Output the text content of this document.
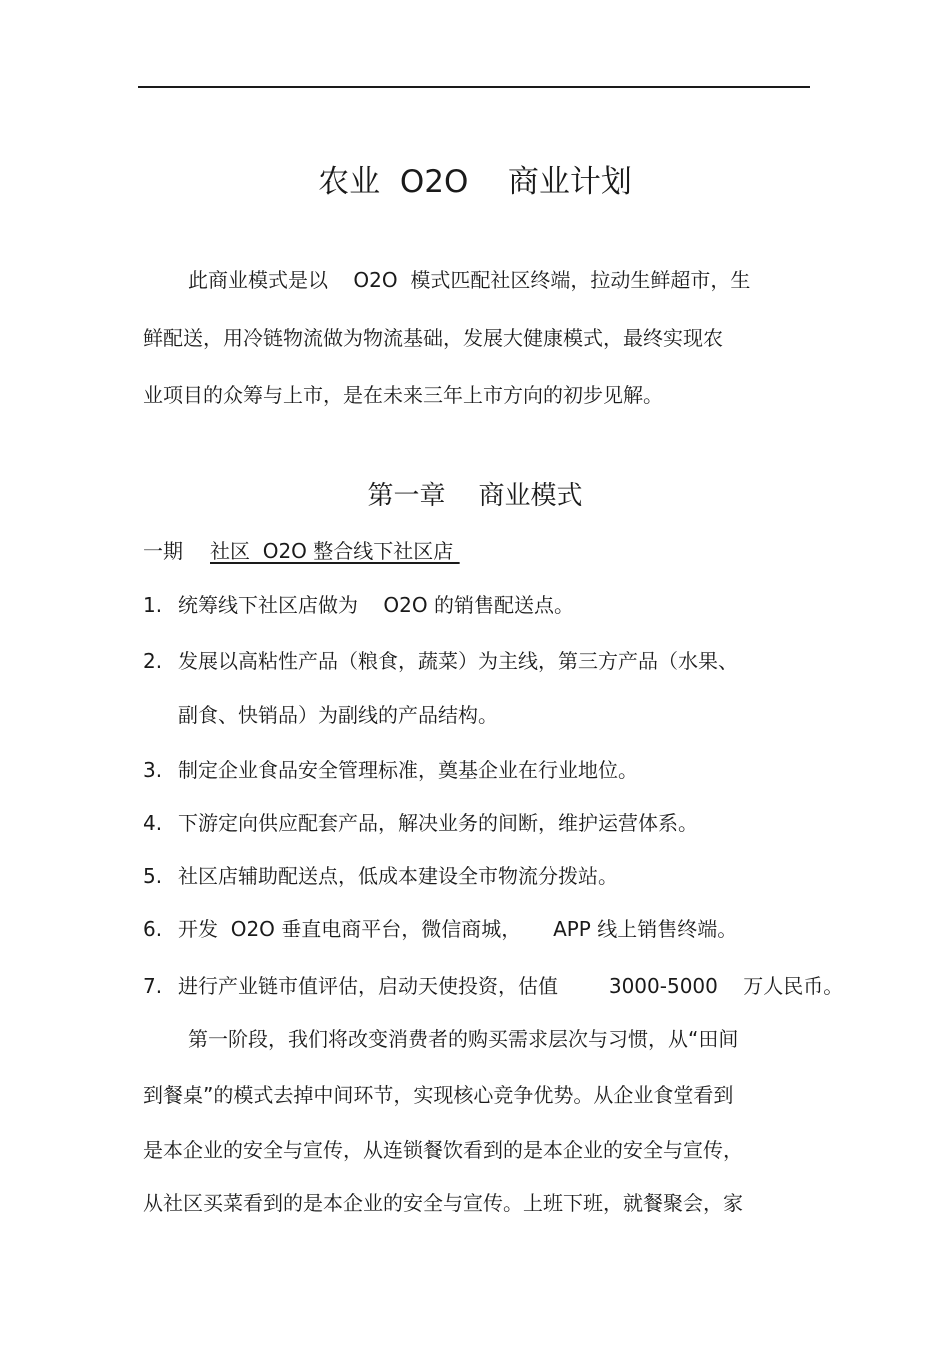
农业  O2O    商业计划
此商业模式是以    O2O  模式匹配社区终端，拉动生鲜超市，生
鲜配送，用冷链物流做为物流基础，发展大健康模式，最终实现农
业项目的众筹与上市，是在未来三年上市方向的初步见解。
第一章    商业模式
一期 社区  O2O 整合线下社区店
1. 统筹线下社区店做为    O2O 的销售配送点。
2. 发展以高粘性产品（粮食，蔬菜）为主线，第三方产品（水果、
副食、快销品）为副线的产品结构。
3. 制定企业食品安全管理标准，奠基企业在行业地位。
4. 下游定向供应配套产品，解决业务的间断，维护运营体系。
5. 社区店辅助配送点，低成本建设全市物流分拨站。
6. 开发  O2O 垂直电商平台，微信商城，     APP 线上销售终端。
7. 进行产业链市值评估，启动天使投资，估值        3000-5000    万人民币。
第一阶段，我们将改变消费者的购买需求层次与习惯，从“田间
到餐桌”的模式去掉中间环节，实现核心竞争优势。从企业食堂看到
是本企业的安全与宣传，从连锁餐饮看到的是本企业的安全与宣传，
从社区买菜看到的是本企业的安全与宣传。上班下班，就餐聚会，家
